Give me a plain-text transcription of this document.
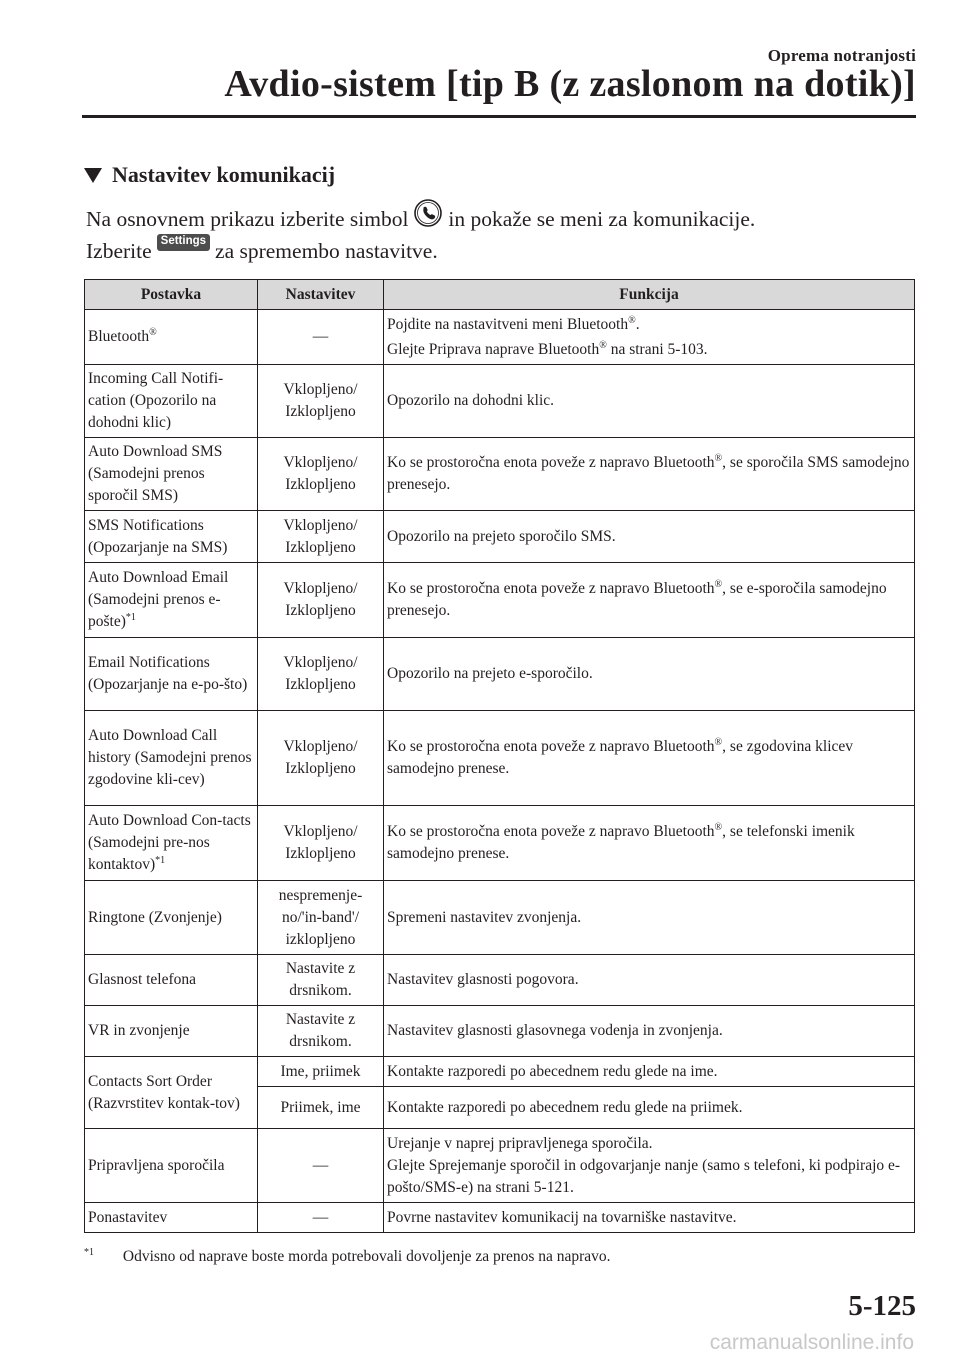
Oprema notranjosti
Avdio-sistem [tip B (z zaslonom na dotik)]
Nastavitev komunikacij
Na osnovnem prikazu izberite simbol in pokaže se meni za komunikacije.
Izberite Settings za spremembo nastavitve.
Postavka	Nastavitev	Funkcija
Bluetooth®	—	Pojdite na nastavitveni meni Bluetooth®.
Glejte Priprava naprave Bluetooth® na strani 5-103.

Incoming Call Notifi-cation (Opozorilo na dohodni klic)	Vklopljeno/ Izklopljeno	Opozorilo na dohodni klic.
Auto Download SMS (Samodejni prenos sporočil SMS)	Vklopljeno/ Izklopljeno	Ko se prostoročna enota poveže z napravo Bluetooth®, se sporočila SMS samodejno prenesejo.
SMS Notifications (Opozarjanje na SMS)	Vklopljeno/ Izklopljeno	Opozorilo na prejeto sporočilo SMS.
Auto Download Email (Samodejni prenos e-pošte)$^{*1}$	Vklopljeno/ Izklopljeno	Ko se prostoročna enota poveže z napravo Bluetooth®, se e-sporočila samodejno prenesejo.
Email Notifications (Opozarjanje na e-po-što)	Vklopljeno/ Izklopljeno	Opozorilo na prejeto e-sporočilo.
Auto Download Call history (Samodejni prenos zgodovine kli-cev)	Vklopljeno/ Izklopljeno	Ko se prostoročna enota poveže z napravo Bluetooth®, se zgodovina klicev samodejno prenese.
Auto Download Con-tacts (Samodejni pre-nos kontaktov)$^{*1}$	Vklopljeno/ Izklopljeno	Ko se prostoročna enota poveže z napravo Bluetooth®, se telefonski imenik samodejno prenese.
Ringtone (Zvonjenje)	nespremenje-no/'in-band'/ izklopljeno	Spremeni nastavitev zvonjenja.
Glasnost telefona	Nastavite z drsnikom.	Nastavitev glasnosti pogovora.
VR in zvonjenje	Nastavite z drsnikom.	Nastavitev glasnosti glasovnega vodenja in zvonjenja.
Contacts Sort Order (Razvrstitev kontak-tov)	Ime, priimek	Kontakte razporedi po abecednem redu glede na ime.
	Priimek, ime	Kontakte razporedi po abecednem redu glede na priimek.
Pripravljena sporočila	—	Urejanje v naprej pripravljenega sporočila.
Glejte Sprejemanje sporočil in odgovarjanje nanje (samo s telefoni, ki podpirajo e-pošto/SMS-e) na strani 5-121.

Ponastavitev	—	Povrne nastavitev komunikacij na tovarniške nastavitve.
$^{*1}$ Odvisno od naprave boste morda potrebovali dovoljenje za prenos na napravo.
5-125
carmanualsonline.info
